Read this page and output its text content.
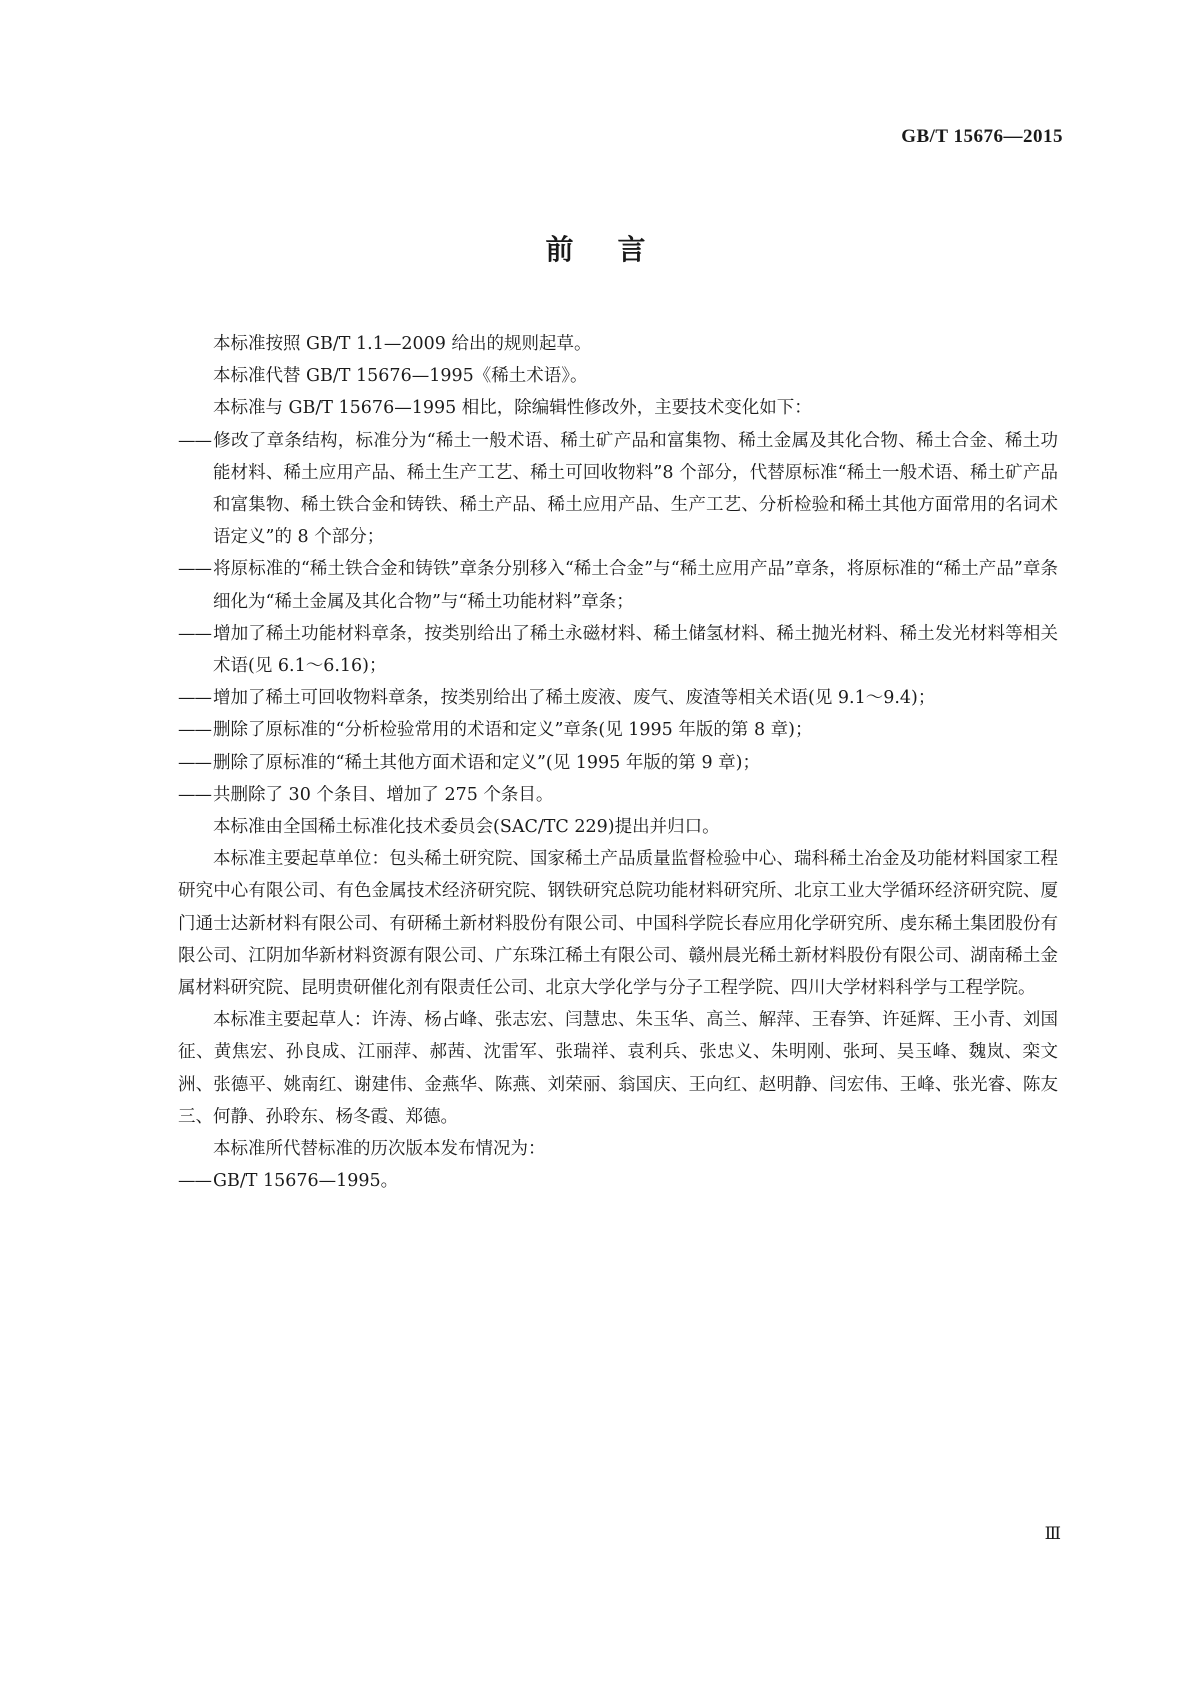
GB/T 15676—2015
前言

本标准按照 GB/T 1.1—2009 给出的规则起草。

本标准代替 GB/T 15676—1995《稀土术语》。

本标准与 GB/T 15676—1995 相比，除编辑性修改外，主要技术变化如下：

—— 修改了章条结构，标准分为“稀土一般术语、稀土矿产品和富集物、稀土金属及其化合物、稀土合金、稀土功能材料、稀土应用产品、稀土生产工艺、稀土可回收物料”8 个部分，代替原标准“稀土一般术语、稀土矿产品和富集物、稀土铁合金和铸铁、稀土产品、稀土应用产品、生产工艺、分析检验和稀土其他方面常用的名词术语定义”的 8 个部分；

—— 将原标准的“稀土铁合金和铸铁”章条分别移入“稀土合金”与“稀土应用产品”章条，将原标准的“稀土产品”章条细化为“稀土金属及其化合物”与“稀土功能材料”章条；

—— 增加了稀土功能材料章条，按类别给出了稀土永磁材料、稀土储氢材料、稀土抛光材料、稀土发光材料等相关术语(见 6.1～6.16)；

—— 增加了稀土可回收物料章条，按类别给出了稀土废液、废气、废渣等相关术语(见 9.1～9.4)；

—— 删除了原标准的“分析检验常用的术语和定义”章条(见 1995 年版的第 8 章)；

—— 删除了原标准的“稀土其他方面术语和定义”(见 1995 年版的第 9 章)；

—— 共删除了 30 个条目、增加了 275 个条目。

本标准由全国稀土标准化技术委员会(SAC/TC 229)提出并归口。

本标准主要起草单位：包头稀土研究院、国家稀土产品质量监督检验中心、瑞科稀土冶金及功能材料国家工程研究中心有限公司、有色金属技术经济研究院、钢铁研究总院功能材料研究所、北京工业大学循环经济研究院、厦门通士达新材料有限公司、有研稀土新材料股份有限公司、中国科学院长春应用化学研究所、虔东稀土集团股份有限公司、江阴加华新材料资源有限公司、广东珠江稀土有限公司、赣州晨光稀土新材料股份有限公司、湖南稀土金属材料研究院、昆明贵研催化剂有限责任公司、北京大学化学与分子工程学院、四川大学材料科学与工程学院。

本标准主要起草人：许涛、杨占峰、张志宏、闫慧忠、朱玉华、高兰、解萍、王春笋、许延辉、王小青、刘国征、黄焦宏、孙良成、江丽萍、郝茜、沈雷军、张瑞祥、袁利兵、张忠义、朱明刚、张珂、吴玉峰、魏岚、栾文洲、张德平、姚南红、谢建伟、金燕华、陈燕、刘荣丽、翁国庆、王向红、赵明静、闫宏伟、王峰、张光睿、陈友三、何静、孙聆东、杨冬霞、郑德。

本标准所代替标准的历次版本发布情况为：

—— GB/T 15676—1995。

Ⅲ
